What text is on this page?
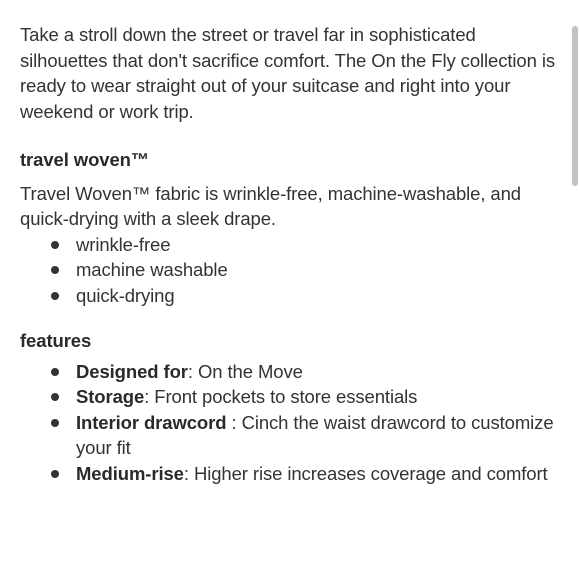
Take a stroll down the street or travel far in sophisticated silhouettes that don't sacrifice comfort. The On the Fly collection is ready to wear straight out of your suitcase and right into your weekend or work trip.

travel woven™

Travel Woven™ fabric is wrinkle-free, machine-washable, and quick-drying with a sleek drape.

wrinkle-free
machine washable
quick-drying
features
Designed for: On the Move
Storage: Front pockets to store essentials
Interior drawcord : Cinch the waist drawcord to customize your fit
Medium-rise: Higher rise increases coverage and comfort
